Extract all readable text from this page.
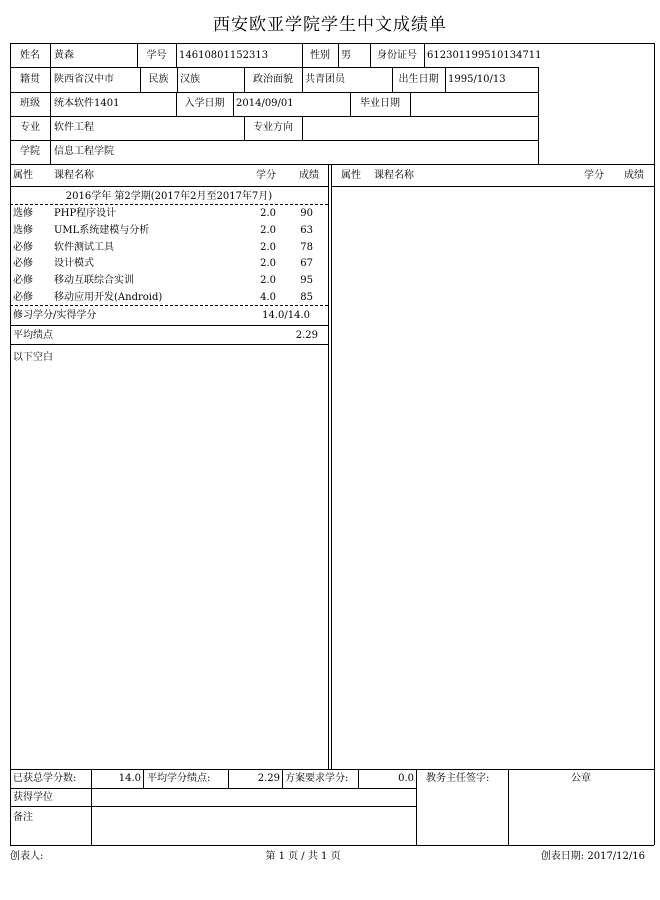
西安欧亚学院学生中文成绩单
姓名	黄森	学号	14610801152313	性别	男	身份证号	612301199510134711
籍贯	陕西省汉中市	民族	汉族	政治面貌	共青团员	出生日期 1995/10/13
班级	统本软件1401	入学日期	2014/09/01	毕业日期
专业	软件工程	专业方向
学院	信息工程学院
属性 课程名称	学分	成绩 属性 课程名称	学分	成绩
2016学年 第2学期(2017年2月至2017年7月)
选修 PHP程序设计	2.0	90
选修 UML系统建模与分析	2.0	63
必修 软件测试工具	2.0	78
必修 设计模式	2.0	67
必修 移动互联综合实训	2.0	95
必修 移动应用开发(Android)	4.0	85
修习学分/实得学分	14.0/14.0
平均绩点	2.29
以下空白
已获总学分数:	14.0 平均学分绩点:	2.29 方案要求学分:	0.0 教务主任签字:	公章
获得学位
备注
创表人:	第 1 页 / 共 1 页	创表日期: 2017/12/16
